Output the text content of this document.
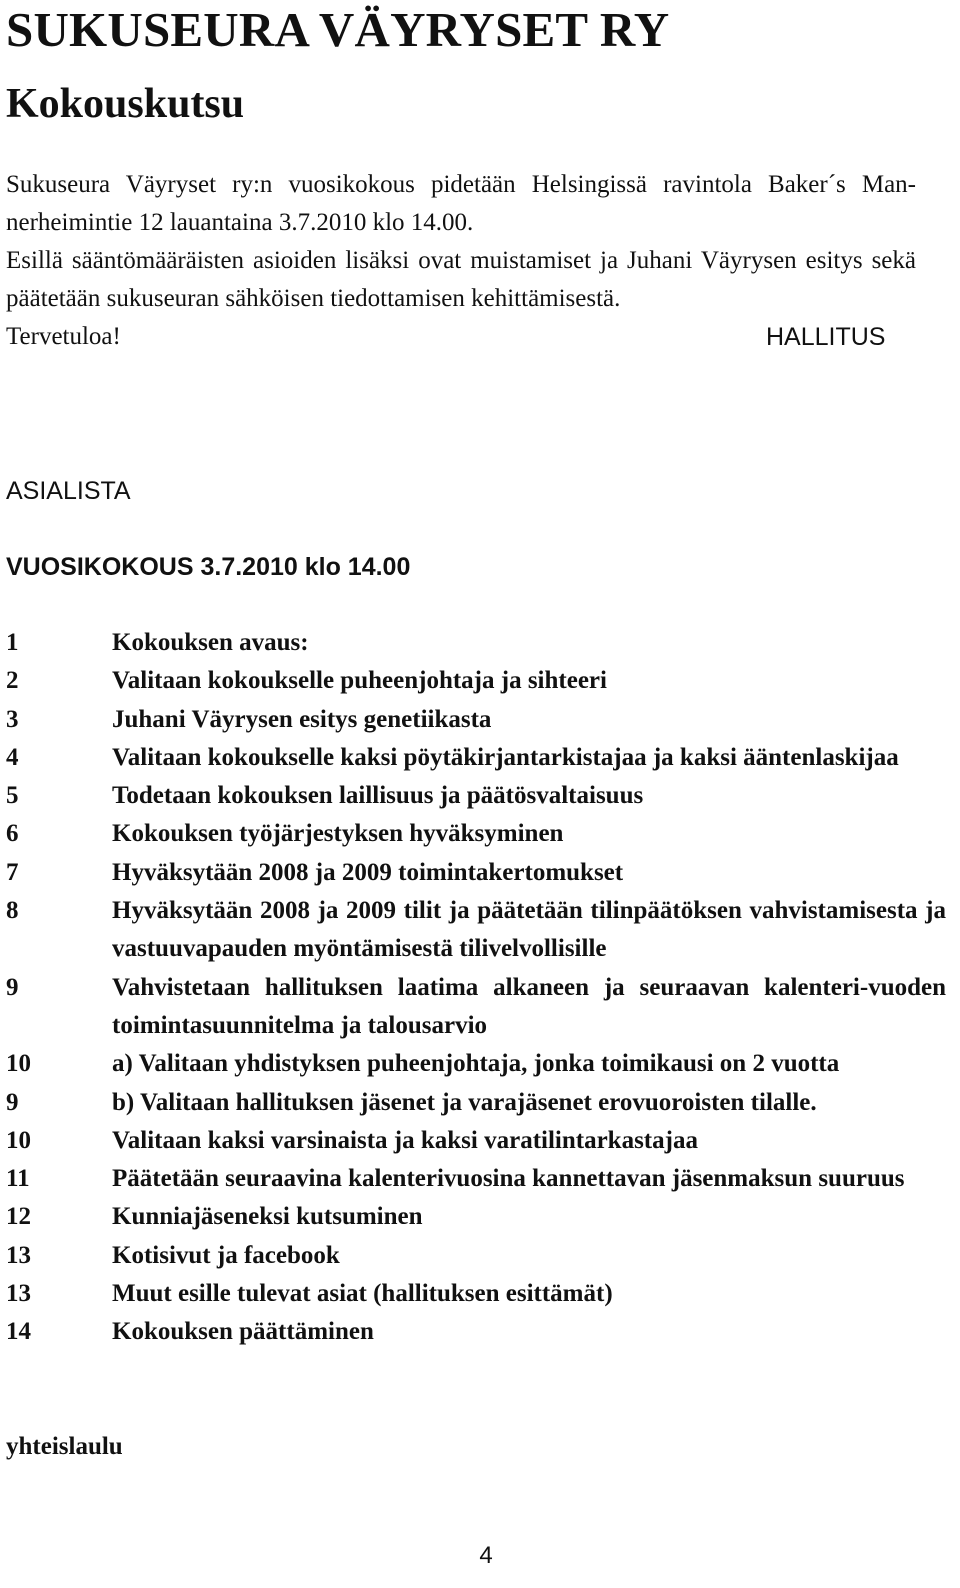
SUKUSEURA VÄYRYSET RY
Kokouskutsu

Sukuseura Väyryset ry:n vuosikokous pidetään Helsingissä ravintola Baker´s Man-
nerheimintie 12 lauantaina 3.7.2010 klo 14.00.

Esillä sääntömääräisten asioiden lisäksi ovat muistamiset ja Juhani Väyrysen esitys sekä päätetään sukuseuran sähköisen tiedottamisen kehittämisestä.

Tervetuloa!	HALLITUS
ASIALISTA
VUOSIKOKOUS 3.7.2010 klo 14.00
1	Kokouksen avaus:
2	Valitaan kokoukselle puheenjohtaja ja sihteeri
3	Juhani Väyrysen esitys genetiikasta
4	Valitaan kokoukselle kaksi pöytäkirjantarkistajaa ja kaksi ääntenlaskijaa
5	Todetaan kokouksen laillisuus ja päätösvaltaisuus
6	Kokouksen työjärjestyksen hyväksyminen
7	Hyväksytään 2008 ja 2009 toimintakertomukset
8	Hyväksytään 2008 ja 2009 tilit ja päätetään tilinpäätöksen vahvistamisesta ja vastuuvapauden myöntämisestä tilivelvollisille
9	Vahvistetaan hallituksen laatima alkaneen ja seuraavan kalenteri-vuoden toimintasuunnitelma ja talousarvio
10	a) Valitaan yhdistyksen puheenjohtaja, jonka toimikausi on 2 vuotta
9	b) Valitaan hallituksen jäsenet ja varajäsenet erovuoroisten tilalle.
10	Valitaan kaksi varsinaista ja kaksi varatilintarkastajaa
11	Päätetään seuraavina kalenterivuosina kannettavan jäsenmaksun suuruus
12	Kunniajäseneksi kutsuminen
13	Kotisivut ja facebook
13	Muut esille tulevat asiat (hallituksen esittämät)
14	Kokouksen päättäminen
yhteislaulu
4
